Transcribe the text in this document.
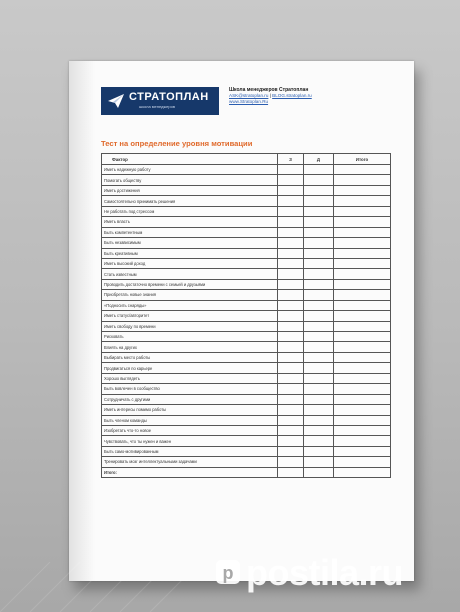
СТРАТОПЛАН
школа менеджеров
Школа менеджеров Стратоплан
ASK@stratoplan.ru | BLOG.stratoplan.ru
www.Stratoplan.Ru
Тест на определение уровня мотивации
Фактор	З	Д	Итого
Иметь надежную работу			
Помогать обществу			
Иметь достижения			
Самостоятельно принимать решения			
Не работать под стрессом			
Иметь власть			
Быть компетентным			
Быть независимым			
Быть креативным			
Иметь высокий доход			
Стать известным			
Проводить достаточно времени с семьей и друзьями			
Приобретать новые знания			
«Подносить снаряды»			
Иметь статус/авторитет			
Иметь свободу по времени			
Рисковать			
Влиять на других			
Выбирать место работы			
Продвигаться по карьере			
Хорошо выглядеть			
Быть вовлечен в сообщество			
Сотрудничать с другими			
Иметь интересы помимо работы			
Быть членом команды			
Изобретать что-то новое			
Чувствовать, что ты нужен и важен			
Быть само-мотивированным			
Тренировать мозг интеллектуальными задачами			
Итого:			
p postila.ru
